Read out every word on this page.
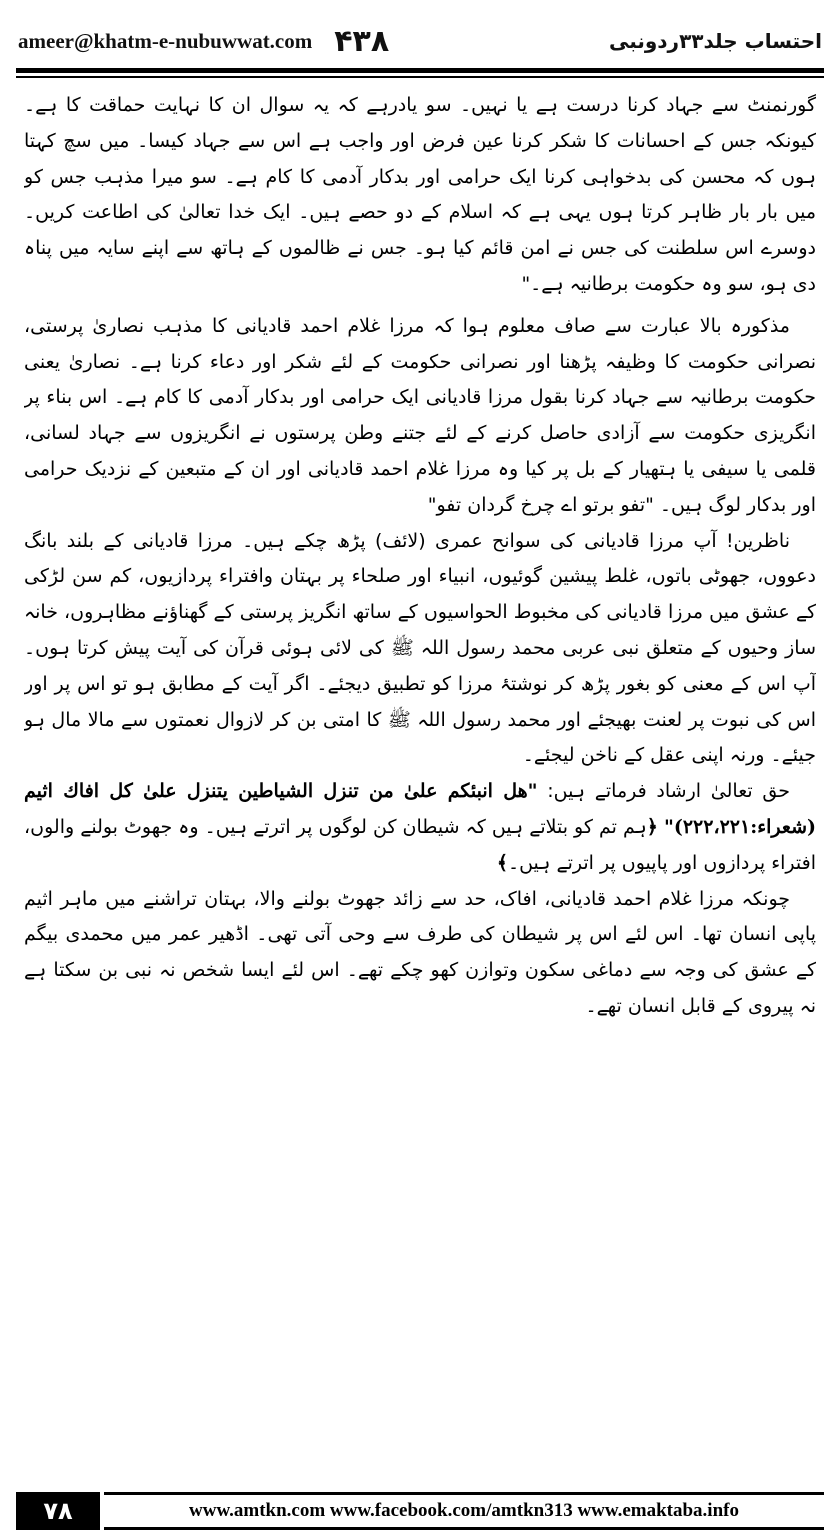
ameer@khatm-e-nubuwwat.com ۴۳۸	احتساب جلد۳۳ردونبی

گورنمنٹ سے جہاد کرنا درست ہے یا نہیں۔ سو یادرہے کہ یہ سوال ان کا نہایت حماقت کا ہے۔ کیونکہ جس کے احسانات کا شکر کرنا عین فرض اور واجب ہے اس سے جہاد کیسا۔ میں سچ کہتا ہوں کہ محسن کی بدخواہی کرنا ایک حرامی اور بدکار آدمی کا کام ہے۔ سو میرا مذہب جس کو میں بار بار ظاہر کرتا ہوں یہی ہے کہ اسلام کے دو حصے ہیں۔ ایک خدا تعالیٰ کی اطاعت کریں۔ دوسرے اس سلطنت کی جس نے امن قائم کیا ہو۔ جس نے ظالموں کے ہاتھ سے اپنے سایہ میں پناہ دی ہو، سو وہ حکومت برطانیہ ہے۔"

مذکورہ بالا عبارت سے صاف معلوم ہوا کہ مرزا غلام احمد قادیانی کا مذہب نصاریٰ پرستی، نصرانی حکومت کا وظیفہ پڑھنا اور نصرانی حکومت کے لئے شکر اور دعاء کرنا ہے۔ نصاریٰ یعنی حکومت برطانیہ سے جہاد کرنا بقول مرزا قادیانی ایک حرامی اور بدکار آدمی کا کام ہے۔ اس بناء پر انگریزی حکومت سے آزادی حاصل کرنے کے لئے جتنے وطن پرستوں نے انگریزوں سے جہاد لسانی، قلمی یا سیفی یا ہتھیار کے بل پر کیا وہ مرزا غلام احمد قادیانی اور ان کے متبعین کے نزدیک حرامی اور بدکار لوگ ہیں۔ "تفو برتو اے چرخ گردان تفو"

ناظرین! آپ مرزا قادیانی کی سوانح عمری (لائف) پڑھ چکے ہیں۔ مرزا قادیانی کے بلند بانگ دعووں، جھوٹی باتوں، غلط پیشین گوئیوں، انبیاء اور صلحاء پر بہتان وافتراء پردازیوں، کم سن لڑکی کے عشق میں مرزا قادیانی کی مخبوط الحواسیوں کے ساتھ انگریز پرستی کے گھناؤنے مظاہروں، خانہ ساز وحیوں کے متعلق نبی عربی محمد رسول اللہ ﷺ کی لائی ہوئی قرآن کی آیت پیش کرتا ہوں۔ آپ اس کے معنی کو بغور پڑھ کر نوشتۂ مرزا کو تطبیق دیجئے۔ اگر آیت کے مطابق ہو تو اس پر اور اس کی نبوت پر لعنت بھیجئے اور محمد رسول اللہ ﷺ کا امتی بن کر لازوال نعمتوں سے مالا مال ہو جیئے۔ ورنہ اپنی عقل کے ناخن لیجئے۔

حق تعالیٰ ارشاد فرماتے ہیں: "هل انبئكم علىٰ من تنزل الشياطين يتنزل علىٰ كل افاك اثيم (شعراء:۲۲۲،۲۲۱)" ﴿ہم تم کو بتلاتے ہیں کہ شیطان کن لوگوں پر اترتے ہیں۔ وہ جھوٹ بولنے والوں، افتراء پردازوں اور پاپیوں پر اترتے ہیں۔﴾

چونکہ مرزا غلام احمد قادیانی، افاک، حد سے زائد جھوٹ بولنے والا، بہتان تراشنے میں ماہر اثیم پاپی انسان تھا۔ اس لئے اس پر شیطان کی طرف سے وحی آتی تھی۔ اڈھیر عمر میں محمدی بیگم کے عشق کی وجہ سے دماغی سکون وتوازن کھو چکے تھے۔ اس لئے ایسا شخص نہ نبی بن سکتا ہے نہ پیروی کے قابل انسان تھے۔

۷۸	www.amtkn.com www.facebook.com/amtkn313 www.emaktaba.info
